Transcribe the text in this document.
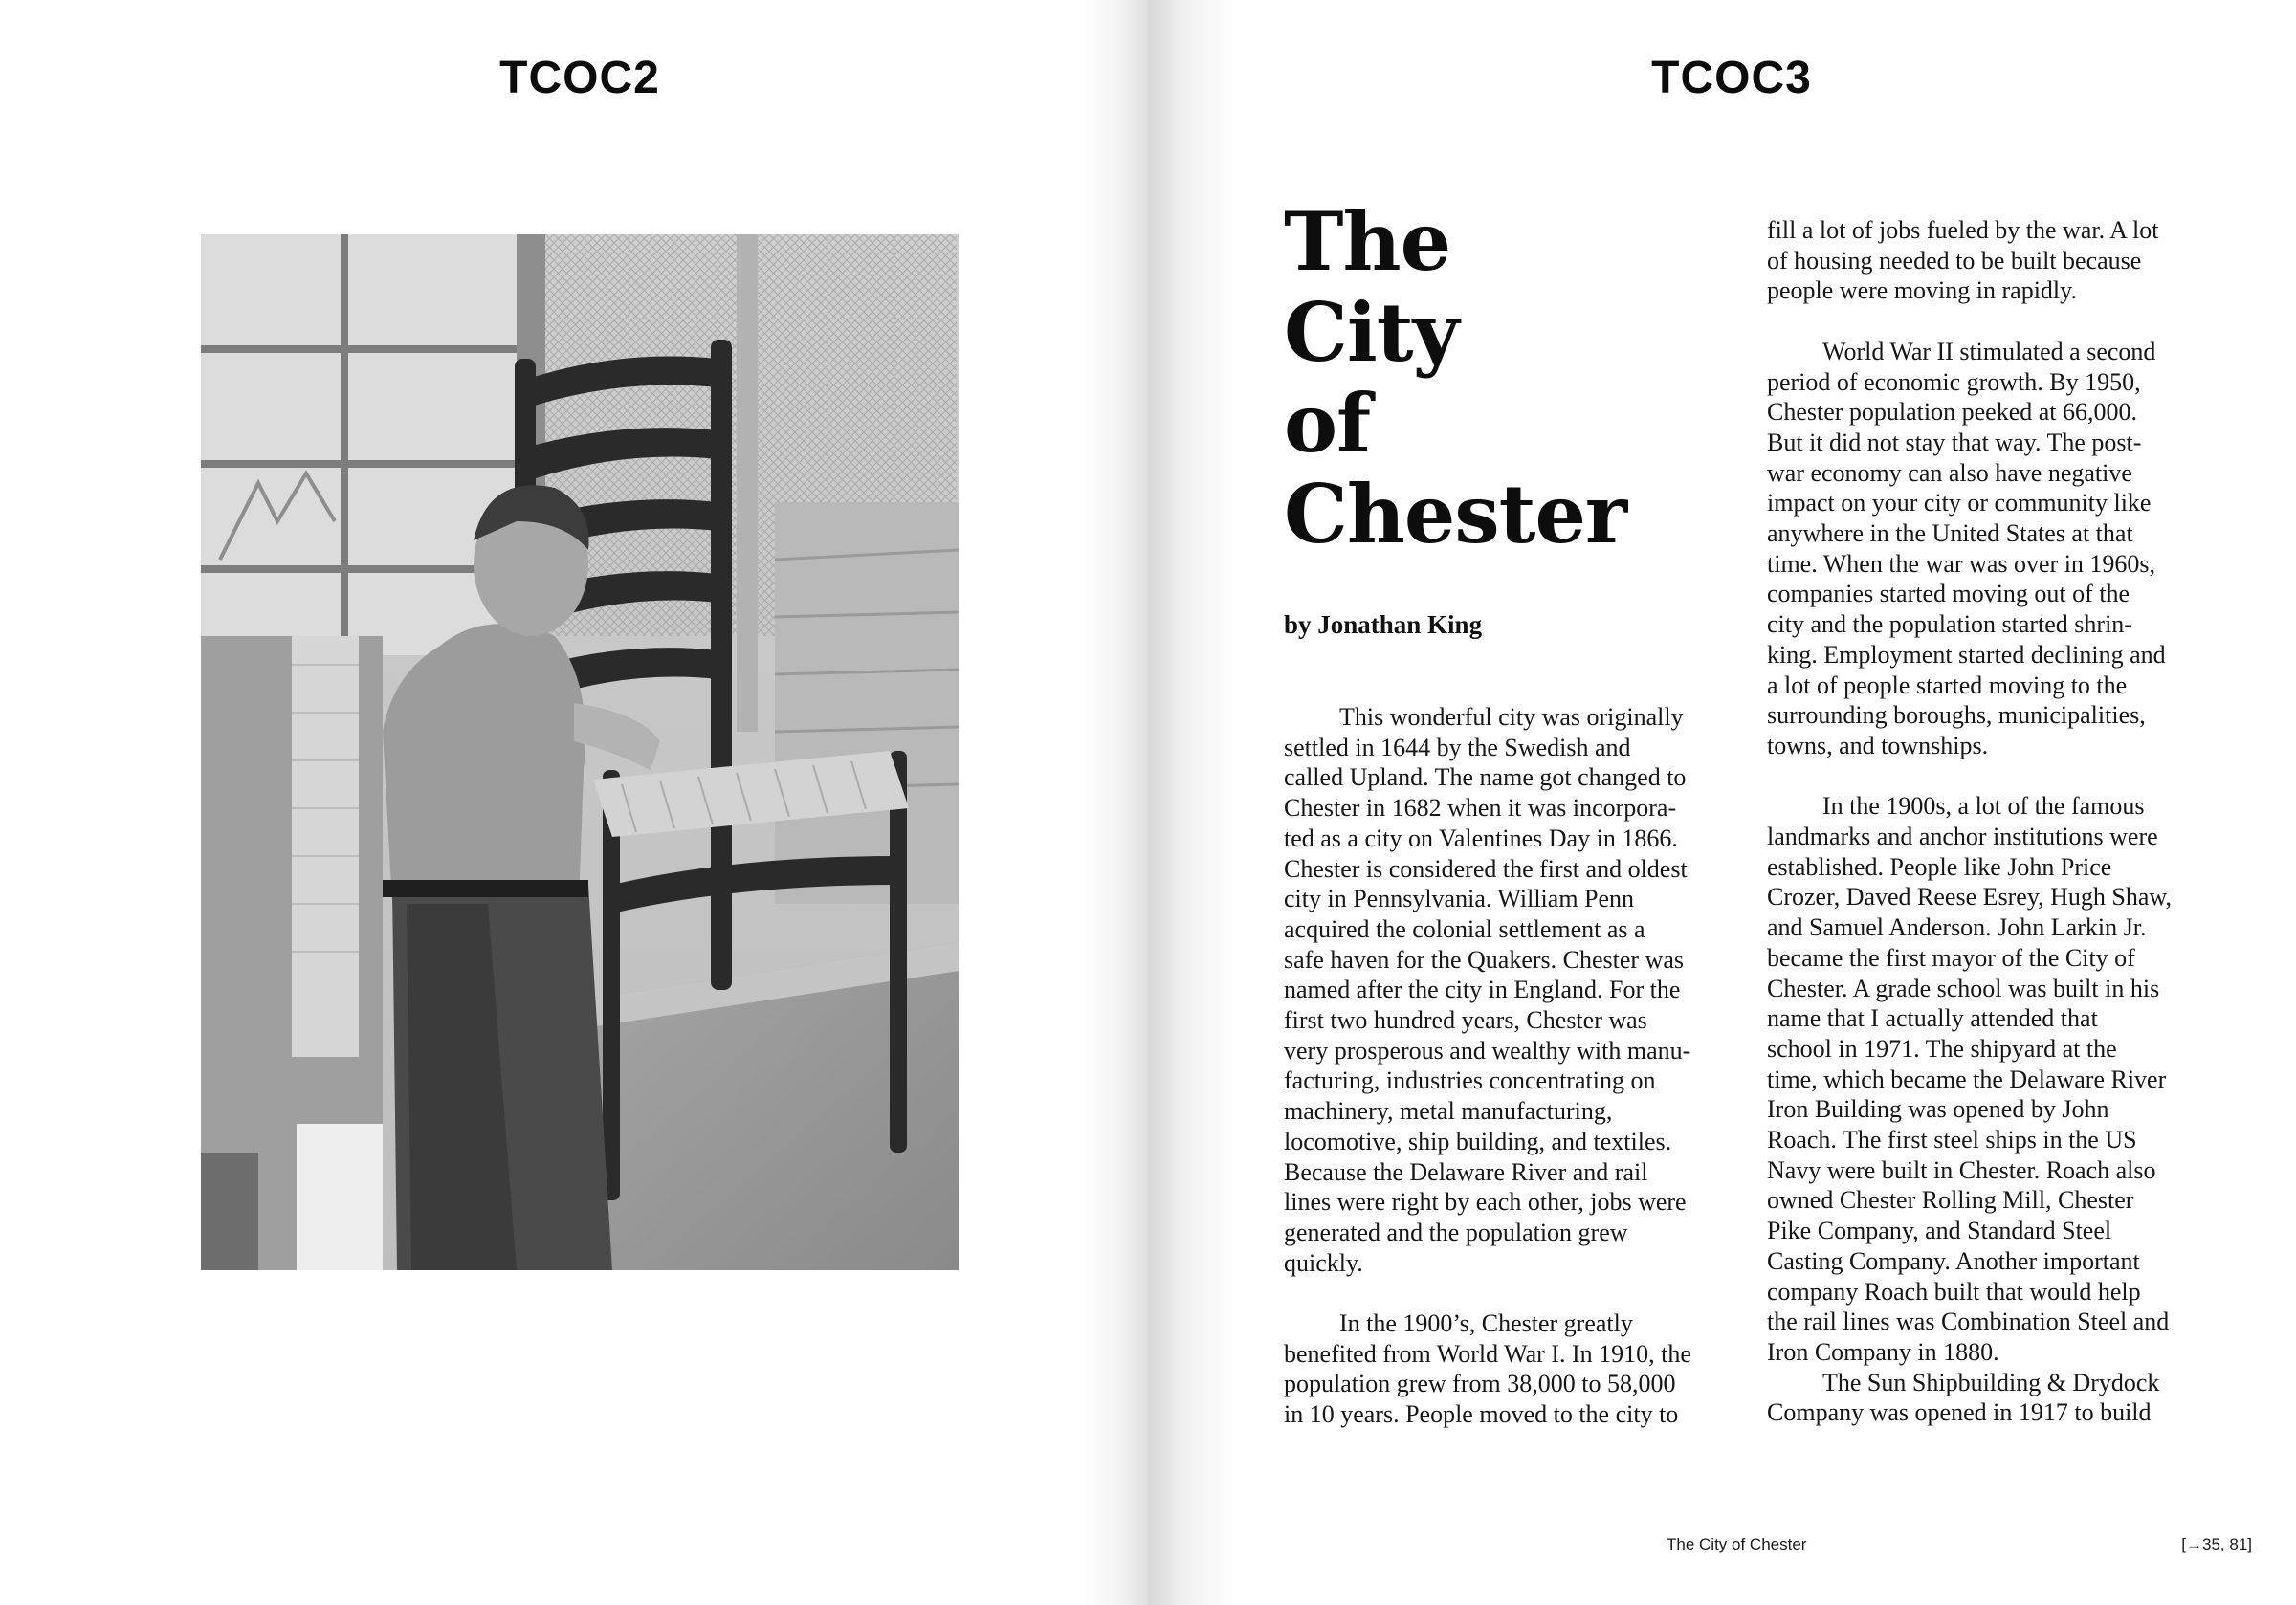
TCOC2	TCOC3
The
City
of
Chester
by Jonathan King

This wonderful city was originally
settled in 1644 by the Swedish and
called Upland. The name got changed to
Chester in 1682 when it was incorpora-
ted as a city on Valentines Day in 1866.
Chester is considered the first and oldest
city in Pennsylvania. William Penn
acquired the colonial settlement as a
safe haven for the Quakers. Chester was
named after the city in England. For the
first two hundred years, Chester was
very prosperous and wealthy with manu-
facturing, industries concentrating on
machinery, metal manufacturing,
locomotive, ship building, and textiles.
Because the Delaware River and rail
lines were right by each other, jobs were
generated and the population grew
quickly.

In the 1900’s, Chester greatly
benefited from World War I. In 1910, the
population grew from 38,000 to 58,000
in 10 years. People moved to the city to

fill a lot of jobs fueled by the war. A lot
of housing needed to be built because
people were moving in rapidly.

World War II stimulated a second
period of economic growth. By 1950,
Chester population peeked at 66,000.
But it did not stay that way. The post-
war economy can also have negative
impact on your city or community like
anywhere in the United States at that
time. When the war was over in 1960s,
companies started moving out of the
city and the population started shrin-
king. Employment started declining and
a lot of people started moving to the
surrounding boroughs, municipalities,
towns, and townships.

In the 1900s, a lot of the famous
landmarks and anchor institutions were
established. People like John Price
Crozer, Daved Reese Esrey, Hugh Shaw,
and Samuel Anderson. John Larkin Jr.
became the first mayor of the City of
Chester. A grade school was built in his
name that I actually attended that
school in 1971. The shipyard at the
time, which became the Delaware River
Iron Building was opened by John
Roach. The first steel ships in the US
Navy were built in Chester. Roach also
owned Chester Rolling Mill, Chester
Pike Company, and Standard Steel
Casting Company. Another important
company Roach built that would help
the rail lines was Combination Steel and
Iron Company in 1880.

The Sun Shipbuilding & Drydock
Company was opened in 1917 to build

The City of Chester	[→35, 81]
